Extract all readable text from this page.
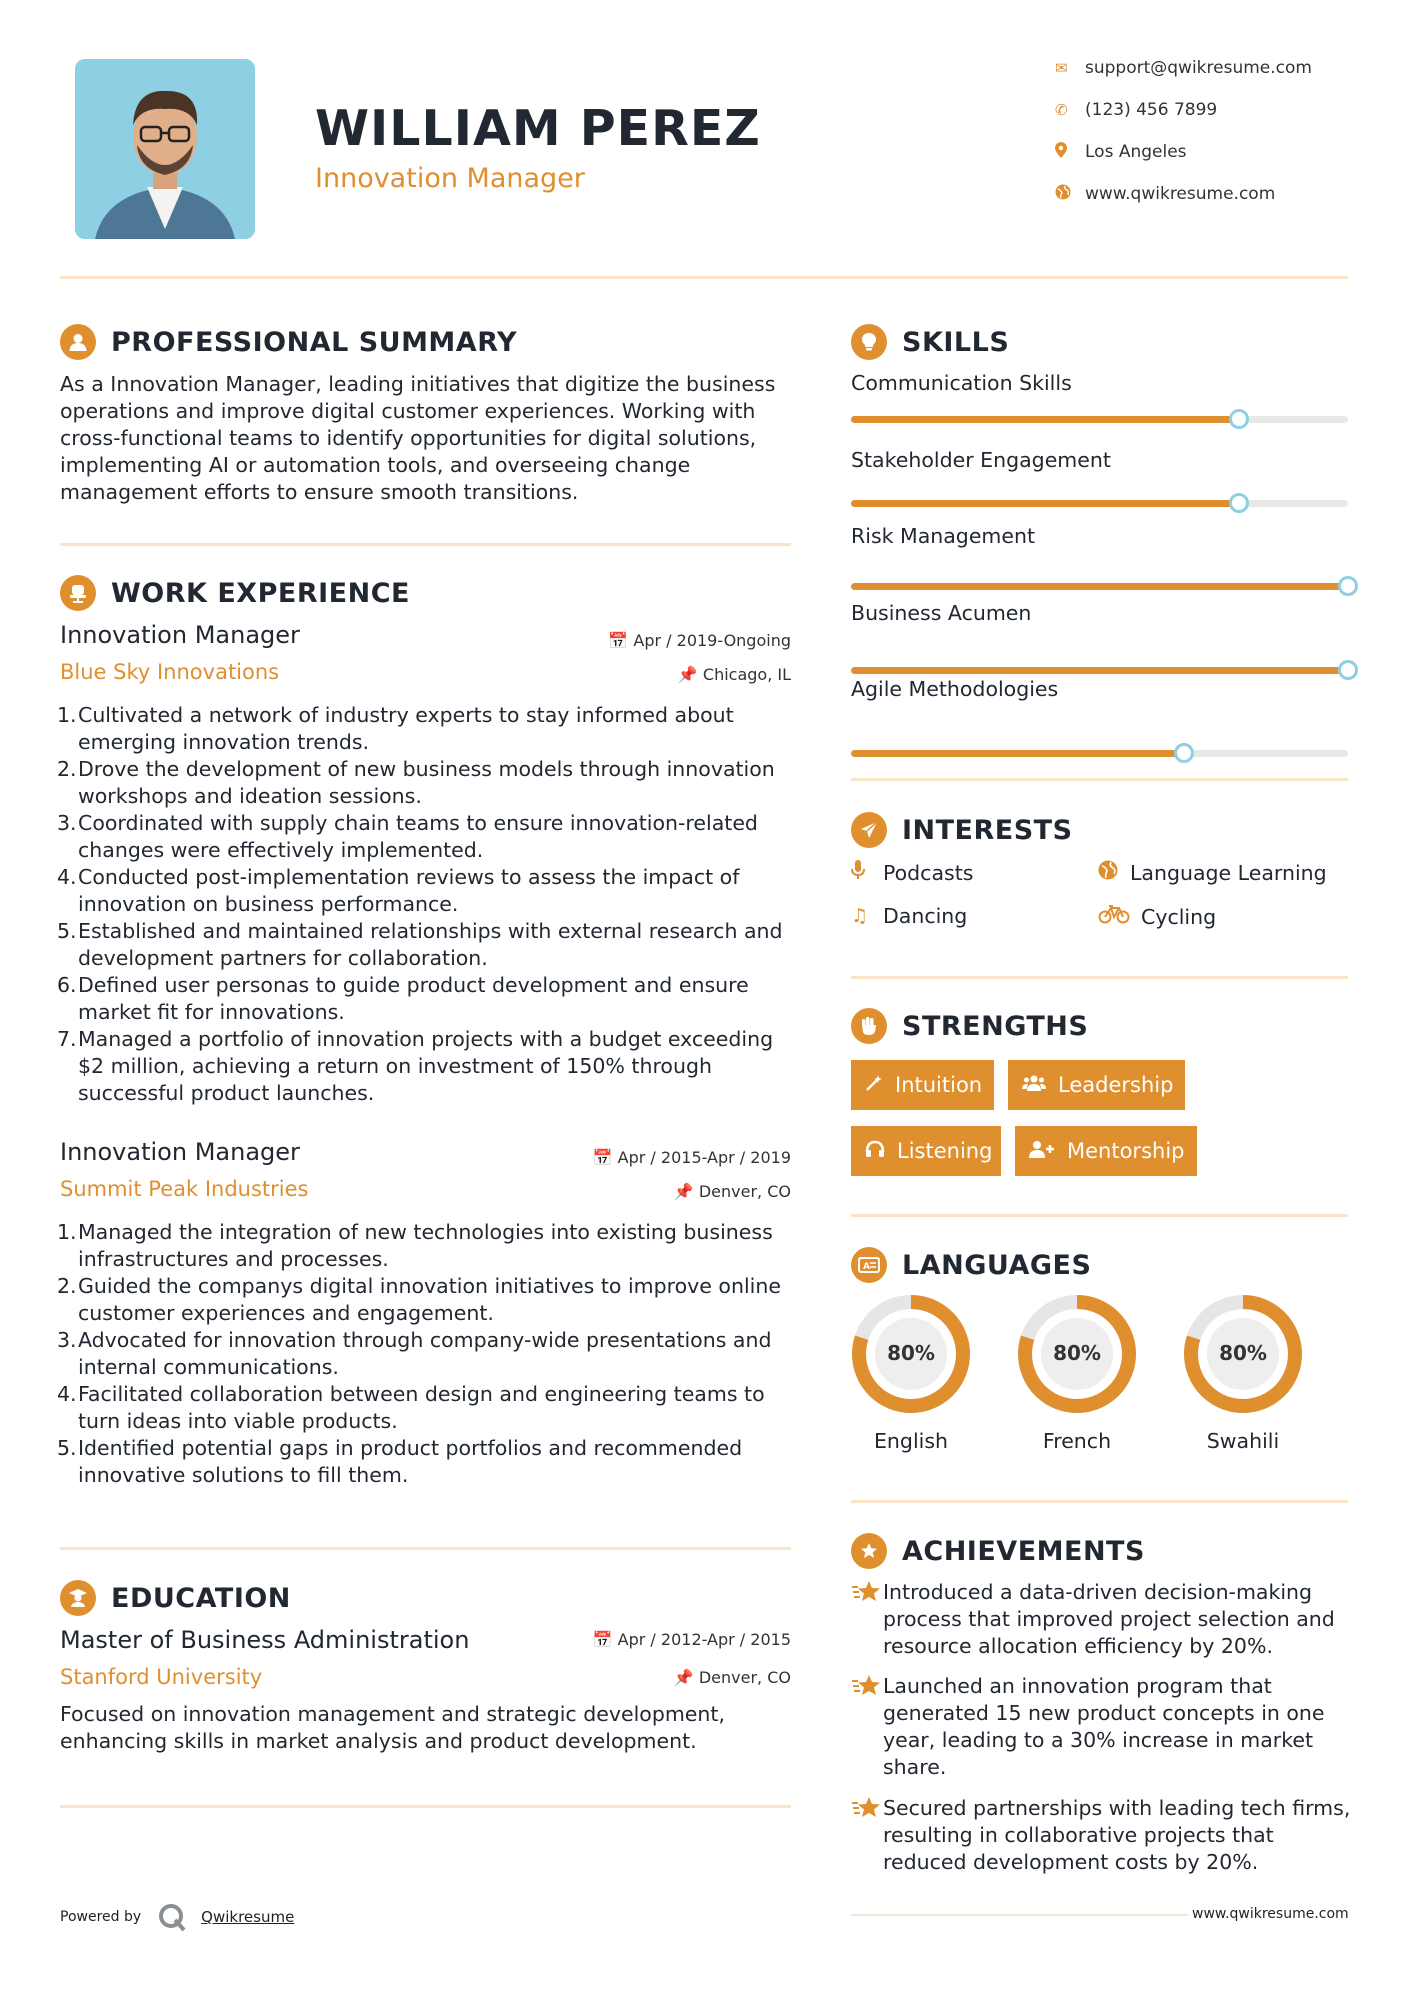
WILLIAM PEREZ
Innovation Manager
✉	support@qwikresume.com
✆	(123) 456 7899
Los Angeles
www.qwikresume.com
PROFESSIONAL SUMMARY
As a Innovation Manager, leading initiatives that digitize the business operations and improve digital customer experiences. Working with cross-functional teams to identify opportunities for digital solutions, implementing AI or automation tools, and overseeing change management efforts to ensure smooth transitions.
WORK EXPERIENCE
Innovation Manager	📅 Apr / 2019-Ongoing
Blue Sky Innovations	📌 Chicago, IL
1. Cultivated a network of industry experts to stay informed about emerging innovation trends.
2. Drove the development of new business models through innovation workshops and ideation sessions.
3. Coordinated with supply chain teams to ensure innovation-related changes were effectively implemented.
4. Conducted post-implementation reviews to assess the impact of innovation on business performance.
5. Established and maintained relationships with external research and development partners for collaboration.
6. Defined user personas to guide product development and ensure market fit for innovations.
7. Managed a portfolio of innovation projects with a budget exceeding $2 million, achieving a return on investment of 150% through successful product launches.
Innovation Manager	📅 Apr / 2015-Apr / 2019
Summit Peak Industries	📌 Denver, CO
1. Managed the integration of new technologies into existing business infrastructures and processes.
2. Guided the companys digital innovation initiatives to improve online customer experiences and engagement.
3. Advocated for innovation through company-wide presentations and internal communications.
4. Facilitated collaboration between design and engineering teams to turn ideas into viable products.
5. Identified potential gaps in product portfolios and recommended innovative solutions to fill them.
EDUCATION
Master of Business Administration	📅 Apr / 2012-Apr / 2015
Stanford University	📌 Denver, CO
Focused on innovation management and strategic development, enhancing skills in market analysis and product development.
Powered by	Qwikresume
SKILLS
Communication Skills
Stakeholder Engagement
Risk Management
Business Acumen
Agile Methodologies
INTERESTS
Podcasts	Language Learning
♫ Dancing	Cycling
STRENGTHS
Intuition	Leadership
Listening	Mentorship
A LANGUAGES
80%
English
80%
French
80%
Swahili
ACHIEVEMENTS
Introduced a data-driven decision-making process that improved project selection and resource allocation efficiency by 20%.
Launched an innovation program that generated 15 new product concepts in one year, leading to a 30% increase in market share.
Secured partnerships with leading tech firms, resulting in collaborative projects that reduced development costs by 20%.
www.qwikresume.com
